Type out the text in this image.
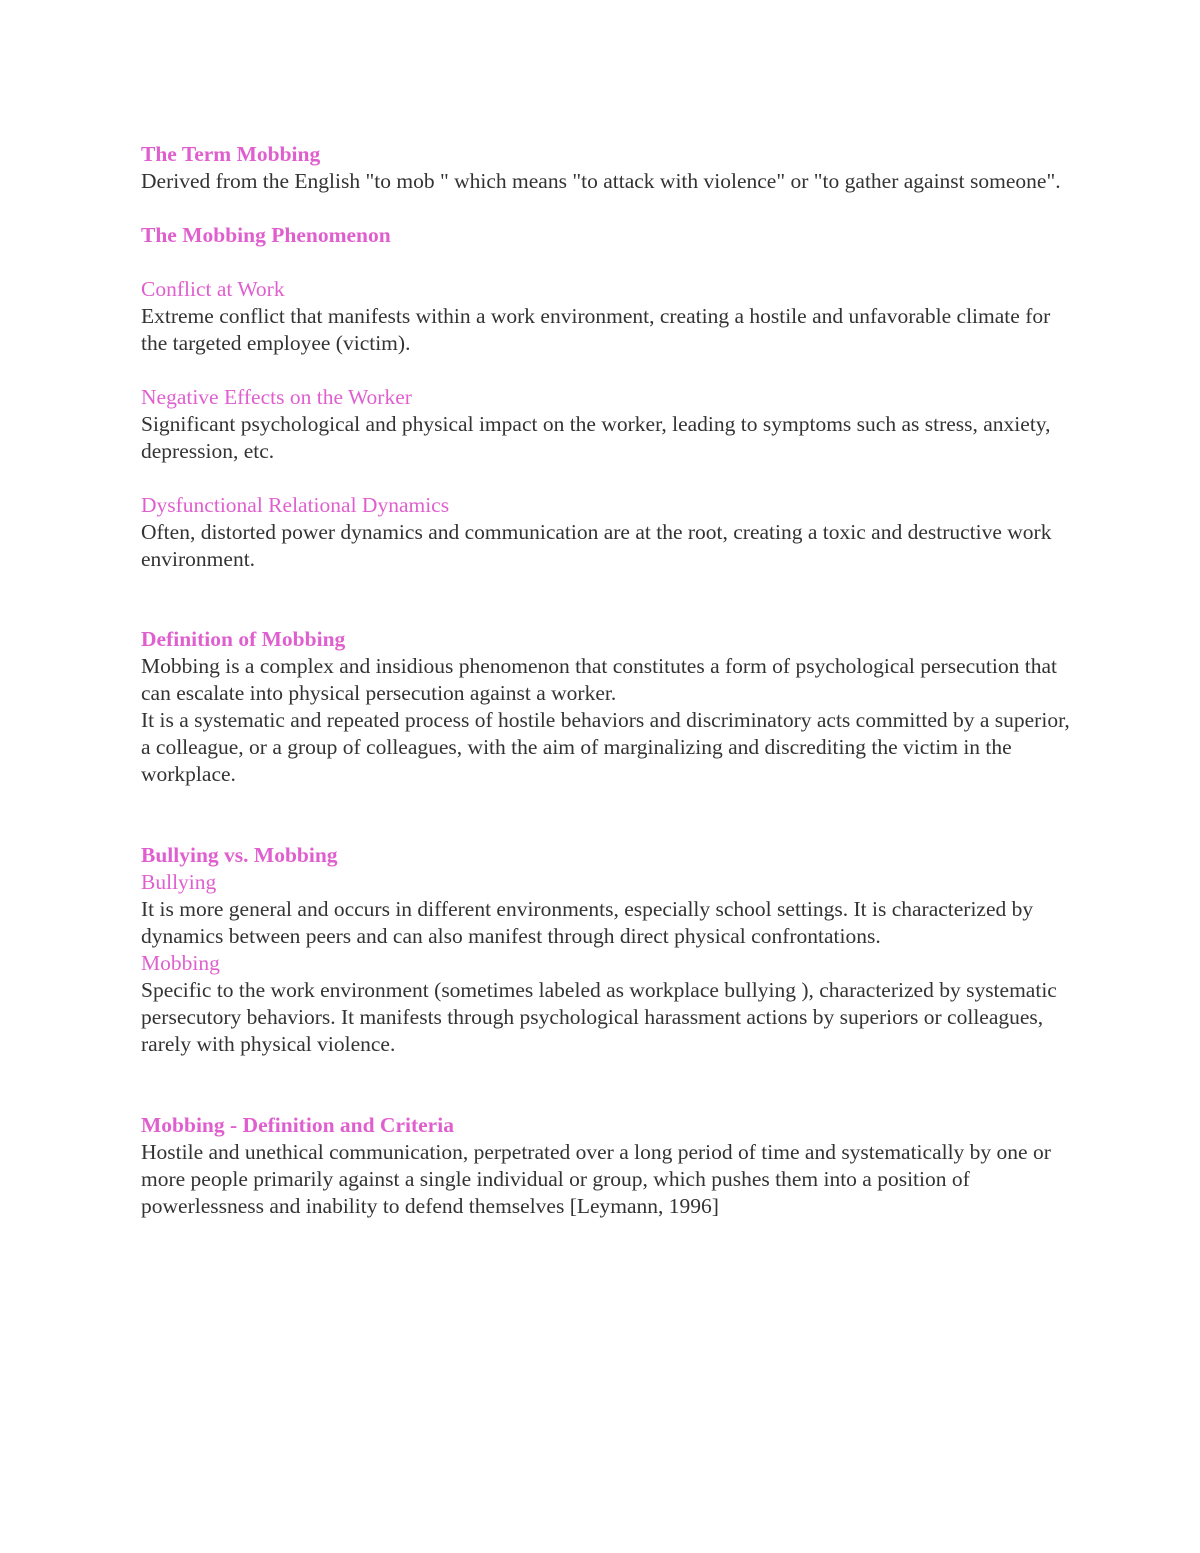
The Term Mobbing

Derived from the English "to mob " which means "to attack with violence" or "to gather against someone".

The Mobbing Phenomenon

Conflict at Work

Extreme conflict that manifests within a work environment, creating a hostile and unfavorable climate for the targeted employee (victim).

Negative Effects on the Worker

Significant psychological and physical impact on the worker, leading to symptoms such as stress, anxiety, depression, etc.

Dysfunctional Relational Dynamics

Often, distorted power dynamics and communication are at the root, creating a toxic and destructive work environment.

Definition of Mobbing

Mobbing is a complex and insidious phenomenon that constitutes a form of psychological persecution that can escalate into physical persecution against a worker.

It is a systematic and repeated process of hostile behaviors and discriminatory acts committed by a superior, a colleague, or a group of colleagues, with the aim of marginalizing and discrediting the victim in the workplace.

Bullying vs. Mobbing

Bullying

It is more general and occurs in different environments, especially school settings. It is characterized by dynamics between peers and can also manifest through direct physical confrontations.

Mobbing

Specific to the work environment (sometimes labeled as workplace bullying ), characterized by systematic persecutory behaviors. It manifests through psychological harassment actions by superiors or colleagues, rarely with physical violence.

Mobbing - Definition and Criteria

Hostile and unethical communication, perpetrated over a long period of time and systematically by one or more people primarily against a single individual or group, which pushes them into a position of powerlessness and inability to defend themselves [Leymann, 1996]
